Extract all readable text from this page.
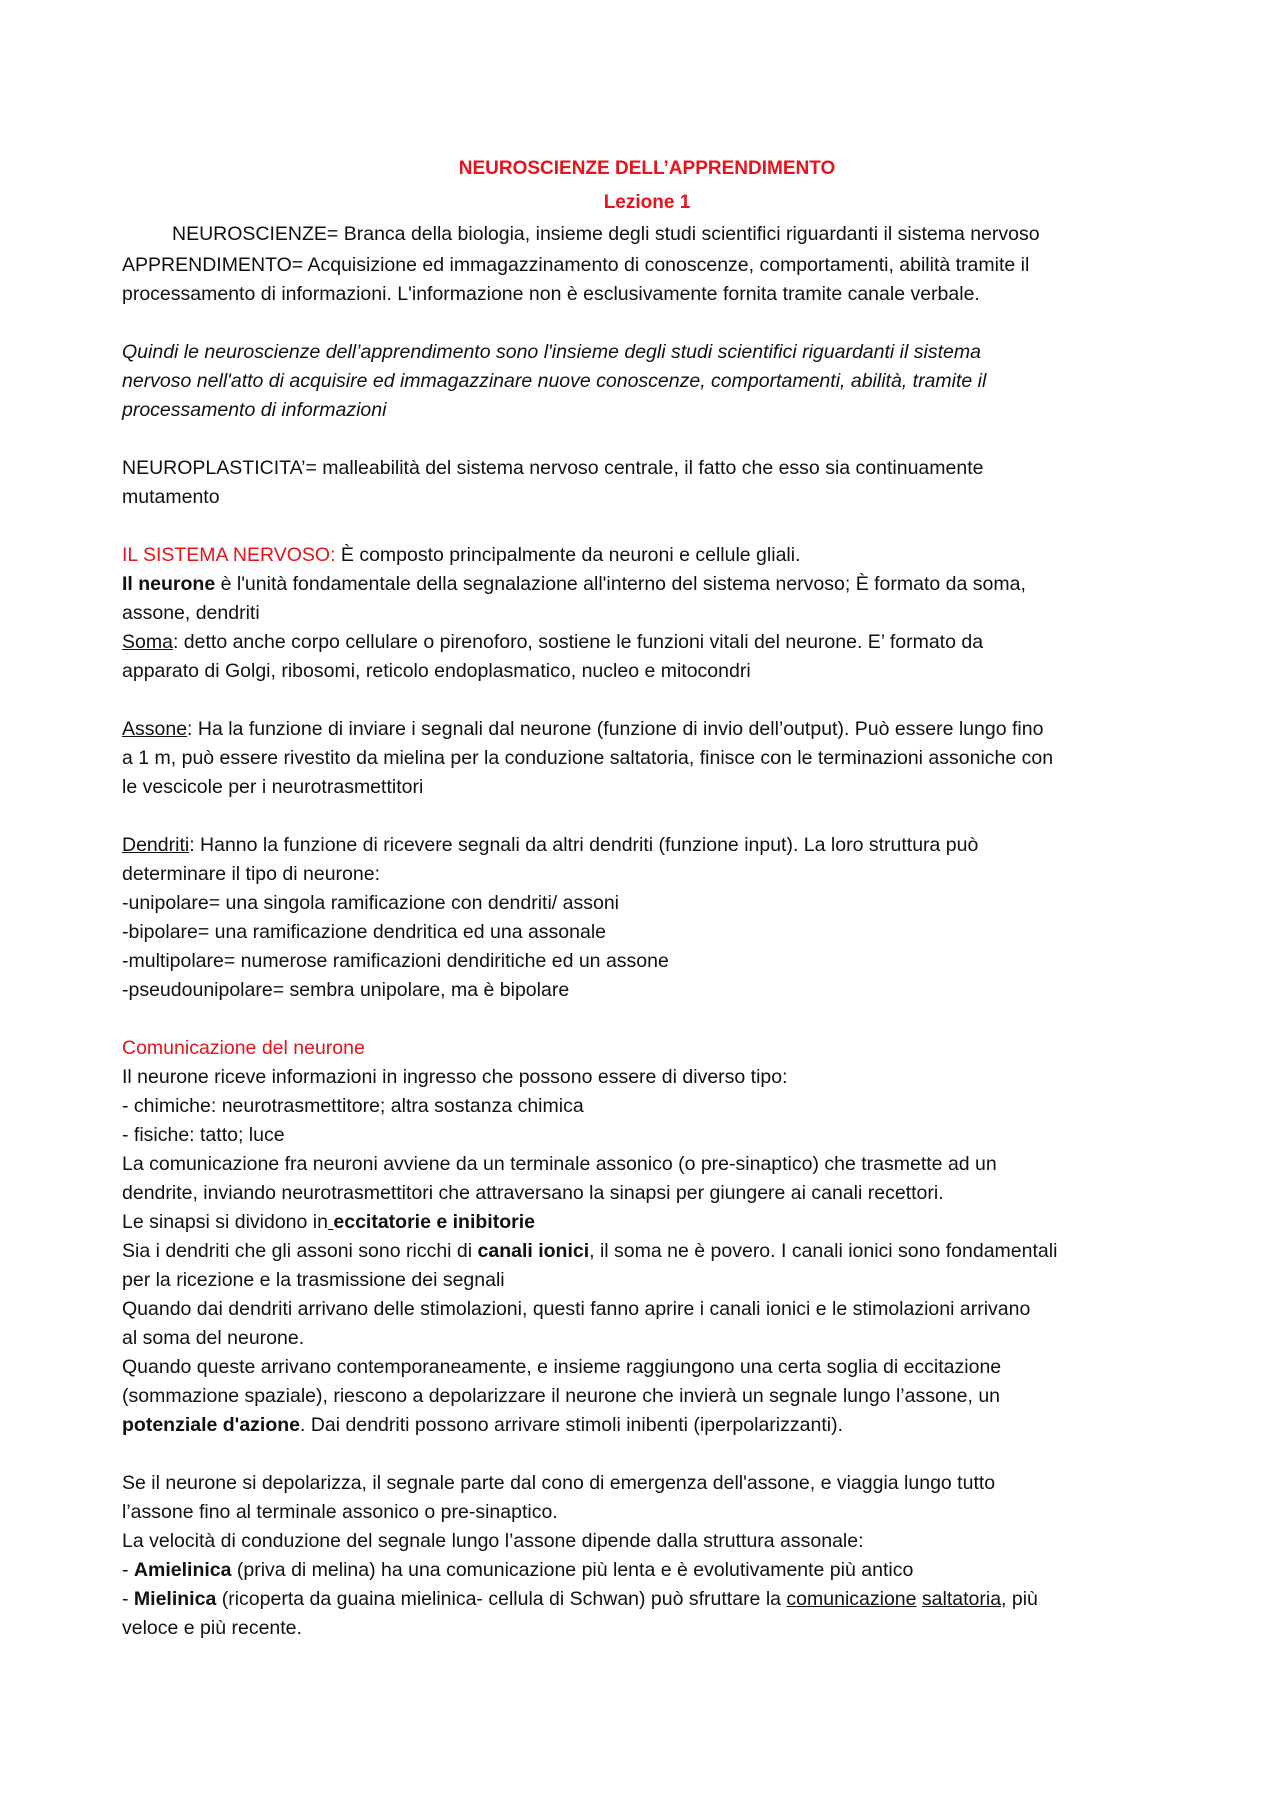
NEUROSCIENZE DELL’APPRENDIMENTO
Lezione 1

NEUROSCIENZE= Branca della biologia, insieme degli studi scientifici riguardanti il sistema nervoso

APPRENDIMENTO= Acquisizione ed immagazzinamento di conoscenze, comportamenti, abilità tramite il

processamento di informazioni. L'informazione non è esclusivamente fornita tramite canale verbale.

Quindi le neuroscienze dell’apprendimento sono l'insieme degli studi scientifici riguardanti il sistema

nervoso nell'atto di acquisire ed immagazzinare nuove conoscenze, comportamenti, abilità, tramite il

processamento di informazioni

NEUROPLASTICITA’= malleabilità del sistema nervoso centrale, il fatto che esso sia continuamente

mutamento

IL SISTEMA NERVOSO: È composto principalmente da neuroni e cellule gliali.

Il neurone è l'unità fondamentale della segnalazione all'interno del sistema nervoso; È formato da soma,

assone, dendriti

Soma: detto anche corpo cellulare o pirenoforo, sostiene le funzioni vitali del neurone. E’ formato da

apparato di Golgi, ribosomi, reticolo endoplasmatico, nucleo e mitocondri

Assone: Ha la funzione di inviare i segnali dal neurone (funzione di invio dell’output). Può essere lungo fino

a 1 m, può essere rivestito da mielina per la conduzione saltatoria, finisce con le terminazioni assoniche con

le vescicole per i neurotrasmettitori

Dendriti: Hanno la funzione di ricevere segnali da altri dendriti (funzione input). La loro struttura può

determinare il tipo di neurone:

-unipolare= una singola ramificazione con dendriti/ assoni

-bipolare= una ramificazione dendritica ed una assonale

-multipolare= numerose ramificazioni dendiritiche ed un assone

-pseudounipolare= sembra unipolare, ma è bipolare

Comunicazione del neurone

Il neurone riceve informazioni in ingresso che possono essere di diverso tipo:

- chimiche: neurotrasmettitore; altra sostanza chimica

- fisiche: tatto; luce

La comunicazione fra neuroni avviene da un terminale assonico (o pre-sinaptico) che trasmette ad un

dendrite, inviando neurotrasmettitori che attraversano la sinapsi per giungere ai canali recettori.

Le sinapsi si dividono in eccitatorie e inibitorie

Sia i dendriti che gli assoni sono ricchi di canali ionici, il soma ne è povero. I canali ionici sono fondamentali

per la ricezione e la trasmissione dei segnali

Quando dai dendriti arrivano delle stimolazioni, questi fanno aprire i canali ionici e le stimolazioni arrivano

al soma del neurone.

Quando queste arrivano contemporaneamente, e insieme raggiungono una certa soglia di eccitazione

(sommazione spaziale), riescono a depolarizzare il neurone che invierà un segnale lungo l’assone, un

potenziale d'azione. Dai dendriti possono arrivare stimoli inibenti (iperpolarizzanti).

Se il neurone si depolarizza, il segnale parte dal cono di emergenza dell'assone, e viaggia lungo tutto

l’assone fino al terminale assonico o pre-sinaptico.

La velocità di conduzione del segnale lungo l’assone dipende dalla struttura assonale:

- Amielinica (priva di melina) ha una comunicazione più lenta e è evolutivamente più antico

- Mielinica (ricoperta da guaina mielinica- cellula di Schwan) può sfruttare la comunicazione saltatoria, più

veloce e più recente.
